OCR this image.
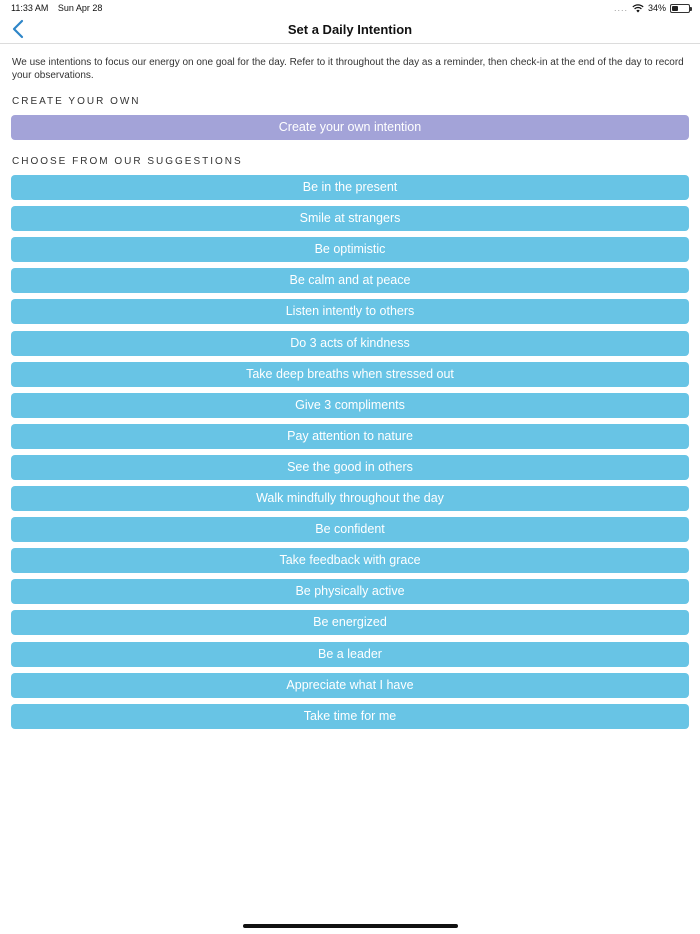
11:33 AM Sun Apr 28	.... 34%
Set a Daily Intention
We use intentions to focus our energy on one goal for the day. Refer to it throughout the day as a reminder, then check-in at the end of the day to record your observations.
CREATE YOUR OWN
Create your own intention
CHOOSE FROM OUR SUGGESTIONS
Be in the present
Smile at strangers
Be optimistic
Be calm and at peace
Listen intently to others
Do 3 acts of kindness
Take deep breaths when stressed out
Give 3 compliments
Pay attention to nature
See the good in others
Walk mindfully throughout the day
Be confident
Take feedback with grace
Be physically active
Be energized
Be a leader
Appreciate what I have
Take time for me
